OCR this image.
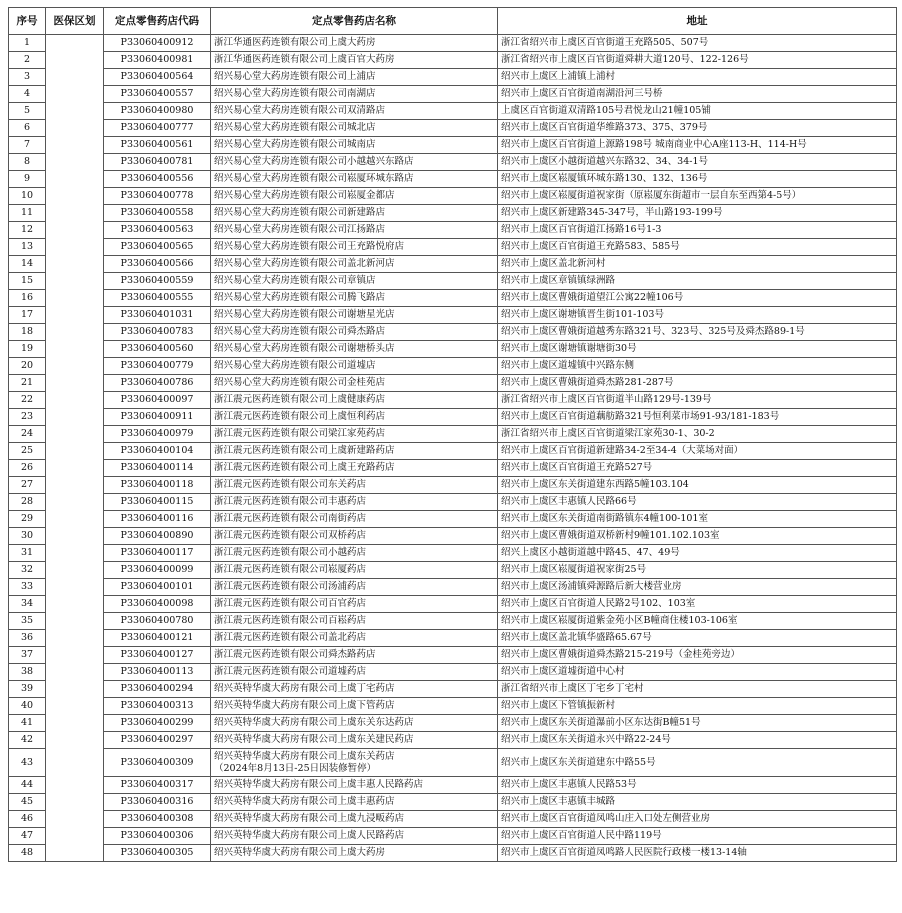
序号	医保区划	定点零售药店代码	定点零售药店名称	地址
1		P33060400912	浙江华通医药连锁有限公司上虞大药房	浙江省绍兴市上虞区百官街道王充路505、507号
2		P33060400981	浙江华通医药连锁有限公司上虞百官大药房	浙江省绍兴市上虞区百官街道舜耕大道120号、122-126号
3		P33060400564	绍兴易心堂大药房连锁有限公司上浦店	绍兴市上虞区上浦镇上浦村
4		P33060400557	绍兴易心堂大药房连锁有限公司南湖店	绍兴市上虞区百官街道南湖沿河三号桥
5		P33060400980	绍兴易心堂大药房连锁有限公司双清路店	上虞区百官街道双清路105号君悦龙山21幢105铺
6		P33060400777	绍兴易心堂大药房连锁有限公司城北店	绍兴市上虞区百官街道华维路373、375、379号
7		P33060400561	绍兴易心堂大药房连锁有限公司城南店	绍兴市上虞区百官街道上源路198号 城南商业中心A座113-H、114-H号
8		P33060400781	绍兴易心堂大药房连锁有限公司小越越兴东路店	绍兴市上虞区小越街道越兴东路32、34、34-1号
9		P33060400556	绍兴易心堂大药房连锁有限公司崧厦环城东路店	绍兴市上虞区崧厦镇环城东路130、132、136号
10		P33060400778	绍兴易心堂大药房连锁有限公司崧厦金都店	绍兴市上虞区崧厦街道祝家街（原崧厦东街超市一层自东至西第4-5号）
11		P33060400558	绍兴易心堂大药房连锁有限公司新建路店	绍兴市上虞区新建路345-347号，半山路193-199号
12		P33060400563	绍兴易心堂大药房连锁有限公司江扬路店	绍兴市上虞区百官街道江扬路16号1-3
13		P33060400565	绍兴易心堂大药房连锁有限公司王充路悦府店	绍兴市上虞区百官街道王充路583、585号
14		P33060400566	绍兴易心堂大药房连锁有限公司盖北新河店	绍兴市上虞区盖北新河村
15		P33060400559	绍兴易心堂大药房连锁有限公司章镇店	绍兴市上虞区章镇镇绿洲路
16		P33060400555	绍兴易心堂大药房连锁有限公司腾飞路店	绍兴市上虞区曹娥街道望江公寓22幢106号
17		P33060401031	绍兴易心堂大药房连锁有限公司谢塘星光店	绍兴市上虞区谢塘镇晋生街101-103号
18		P33060400783	绍兴易心堂大药房连锁有限公司舜杰路店	绍兴市上虞区曹娥街道越秀东路321号、323号、325号及舜杰路89-1号
19		P33060400560	绍兴易心堂大药房连锁有限公司谢塘桥头店	绍兴市上虞区谢塘镇谢塘街30号
20		P33060400779	绍兴易心堂大药房连锁有限公司道墟店	绍兴市上虞区道墟镇中兴路东侧
21		P33060400786	绍兴易心堂大药房连锁有限公司金桂苑店	绍兴市上虞区曹娥街道舜杰路281-287号
22		P33060400097	浙江震元医药连锁有限公司上虞健康药店	浙江省绍兴市上虞区百官街道半山路129号-139号
23		P33060400911	浙江震元医药连锁有限公司上虞恒利药店	绍兴市上虞区百官街道藕舫路321号恒利菜市场91-93/181-183号
24		P33060400979	浙江震元医药连锁有限公司梁江家苑药店	浙江省绍兴市上虞区百官街道梁江家苑30-1、30-2
25		P33060400104	浙江震元医药连锁有限公司上虞新建路药店	绍兴市上虞区百官街道新建路34-2至34-4（大菜场对面）
26		P33060400114	浙江震元医药连锁有限公司上虞王充路药店	绍兴市上虞区百官街道王充路527号
27		P33060400118	浙江震元医药连锁有限公司东关药店	绍兴市上虞区东关街道建东西路5幢103.104
28		P33060400115	浙江震元医药连锁有限公司丰惠药店	绍兴市上虞区丰惠镇人民路66号
29		P33060400116	浙江震元医药连锁有限公司南街药店	绍兴市上虞区东关街道南街路镇东4幢100-101室
30		P33060400890	浙江震元医药连锁有限公司双桥药店	绍兴市上虞区曹娥街道双桥新村9幢101.102.103室
31		P33060400117	浙江震元医药连锁有限公司小越药店	绍兴上虞区小越街道越中路45、47、49号
32		P33060400099	浙江震元医药连锁有限公司崧厦药店	绍兴市上虞区崧厦街道祝家街25号
33		P33060400101	浙江震元医药连锁有限公司汤浦药店	绍兴市上虞区汤浦镇舜源路后新大楼营业房
34		P33060400098	浙江震元医药连锁有限公司百官药店	绍兴市上虞区百官街道人民路2号102、103室
35		P33060400780	浙江震元医药连锁有限公司百崧药店	绍兴市上虞区崧厦街道紫金苑小区B幢商住楼103-106室
36		P33060400121	浙江震元医药连锁有限公司盖北药店	绍兴市上虞区盖北镇华盛路65.67号
37		P33060400127	浙江震元医药连锁有限公司舜杰路药店	绍兴市上虞区曹娥街道舜杰路215-219号（金桂苑旁边）
38		P33060400113	浙江震元医药连锁有限公司道墟药店	绍兴市上虞区道墟街道中心村
39		P33060400294	绍兴英特华虞大药房有限公司上虞丁宅药店	浙江省绍兴市上虞区丁宅乡丁宅村
40		P33060400313	绍兴英特华虞大药房有限公司上虞下管药店	绍兴市上虞区下管镇振新村
41		P33060400299	绍兴英特华虞大药房有限公司上虞东关东达药店	绍兴市上虞区东关街道瀑前小区东达街B幢51号
42		P33060400297	绍兴英特华虞大药房有限公司上虞东关建民药店	绍兴市上虞区东关街道永兴中路22-24号
43		P33060400309	绍兴英特华虞大药房有限公司上虞东关药店
（2024年8月13日-25日因装修暂停）	绍兴市上虞区东关街道建东中路55号
44		P33060400317	绍兴英特华虞大药房有限公司上虞丰惠人民路药店	绍兴市上虞区丰惠镇人民路53号
45		P33060400316	绍兴英特华虞大药房有限公司上虞丰惠药店	绍兴市上虞区丰惠镇丰城路
46		P33060400308	绍兴英特华虞大药房有限公司上虞九浸畈药店	绍兴市上虞区百官街道凤鸣山庄入口处左侧营业房
47		P33060400306	绍兴英特华虞大药房有限公司上虞人民路药店	绍兴市上虞区百官街道人民中路119号
48		P33060400305	绍兴英特华虞大药房有限公司上虞大药房	绍兴市上虞区百官街道凤鸣路人民医院行政楼一楼13-14轴
